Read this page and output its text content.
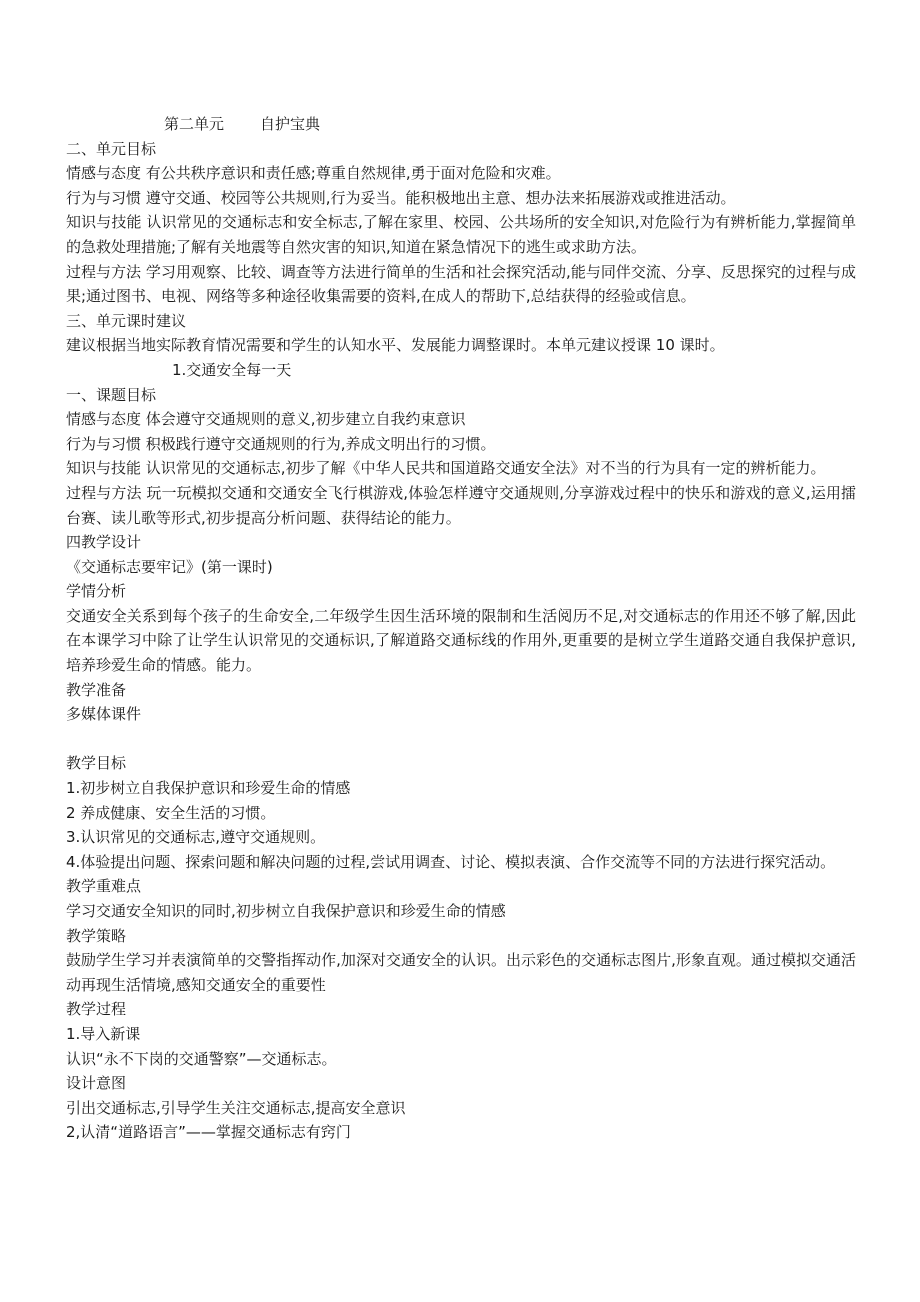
第二单元 自护宝典
二、单元目标
情感与态度 有公共秩序意识和责任感;尊重自然规律,勇于面对危险和灾难。
行为与习惯 遵守交通、校园等公共规则,行为妥当。能积极地出主意、想办法来拓展游戏或推进活动。
知识与技能 认识常见的交通标志和安全标志,了解在家里、校园、公共场所的安全知识,对危险行为有辨析能力,掌握简单的急救处理措施;了解有关地震等自然灾害的知识,知道在紧急情况下的逃生或求助方法。
过程与方法 学习用观察、比较、调查等方法进行简单的生活和社会探究活动,能与同伴交流、分享、反思探究的过程与成果;通过图书、电视、网络等多种途径收集需要的资料,在成人的帮助下,总结获得的经验或信息。
三、单元课时建议
建议根据当地实际教育情况需要和学生的认知水平、发展能力调整课时。本单元建议授课 10 课时。
1.交通安全每一天
一、课题目标
情感与态度 体会遵守交通规则的意义,初步建立自我约束意识
行为与习惯 积极践行遵守交通规则的行为,养成文明出行的习惯。
知识与技能 认识常见的交通标志,初步了解《中华人民共和国道路交通安全法》对不当的行为具有一定的辨析能力。
过程与方法 玩一玩模拟交通和交通安全飞行棋游戏,体验怎样遵守交通规则,分享游戏过程中的快乐和游戏的意义,运用擂台赛、读儿歌等形式,初步提高分析问题、获得结论的能力。
四教学设计
《交通标志要牢记》(第一课时)
学情分析
交通安全关系到每个孩子的生命安全,二年级学生因生活环境的限制和生活阅历不足,对交通标志的作用还不够了解,因此在本课学习中除了让学生认识常见的交通标识,了解道路交通标线的作用外,更重要的是树立学生道路交通自我保护意识,培养珍爱生命的情感。能力。
教学准备
多媒体课件
教学目标
1.初步树立自我保护意识和珍爱生命的情感
2 养成健康、安全生活的习惯。
3.认识常见的交通标志,遵守交通规则。
4.体验提出问题、探索问题和解决问题的过程,尝试用调查、讨论、模拟表演、合作交流等不同的方法进行探究活动。
教学重难点
学习交通安全知识的同时,初步树立自我保护意识和珍爱生命的情感
教学策略
鼓励学生学习并表演简单的交警指挥动作,加深对交通安全的认识。出示彩色的交通标志图片,形象直观。通过模拟交通活动再现生活情境,感知交通安全的重要性
教学过程
1.导入新课
认识“永不下岗的交通警察”—交通标志。
设计意图
引出交通标志,引导学生关注交通标志,提高安全意识
2,认清“道路语言”——掌握交通标志有窍门
